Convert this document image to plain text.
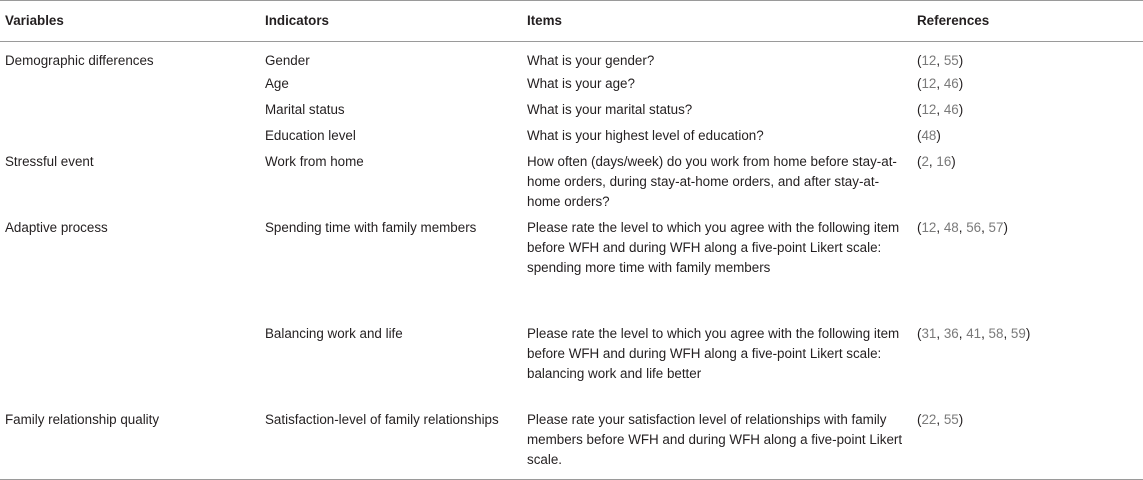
Variables	Indicators	Items	References
Demographic differences	Gender	What is your gender?	(12, 55)
	Age	What is your age?	(12, 46)
	Marital status	What is your marital status?	(12, 46)
	Education level	What is your highest level of education?	(48)
Stressful event	Work from home	How often (days/week) do you work from home before stay-at-home orders, during stay-at-home orders, and after stay-at-home orders?	(2, 16)
Adaptive process	Spending time with family members	Please rate the level to which you agree with the following item before WFH and during WFH along a five-point Likert scale: spending more time with family members	(12, 48, 56, 57)
	Balancing work and life	Please rate the level to which you agree with the following item before WFH and during WFH along a five-point Likert scale: balancing work and life better	(31, 36, 41, 58, 59)
Family relationship quality	Satisfaction-level of family relationships	Please rate your satisfaction level of relationships with family members before WFH and during WFH along a five-point Likert scale.	(22, 55)
